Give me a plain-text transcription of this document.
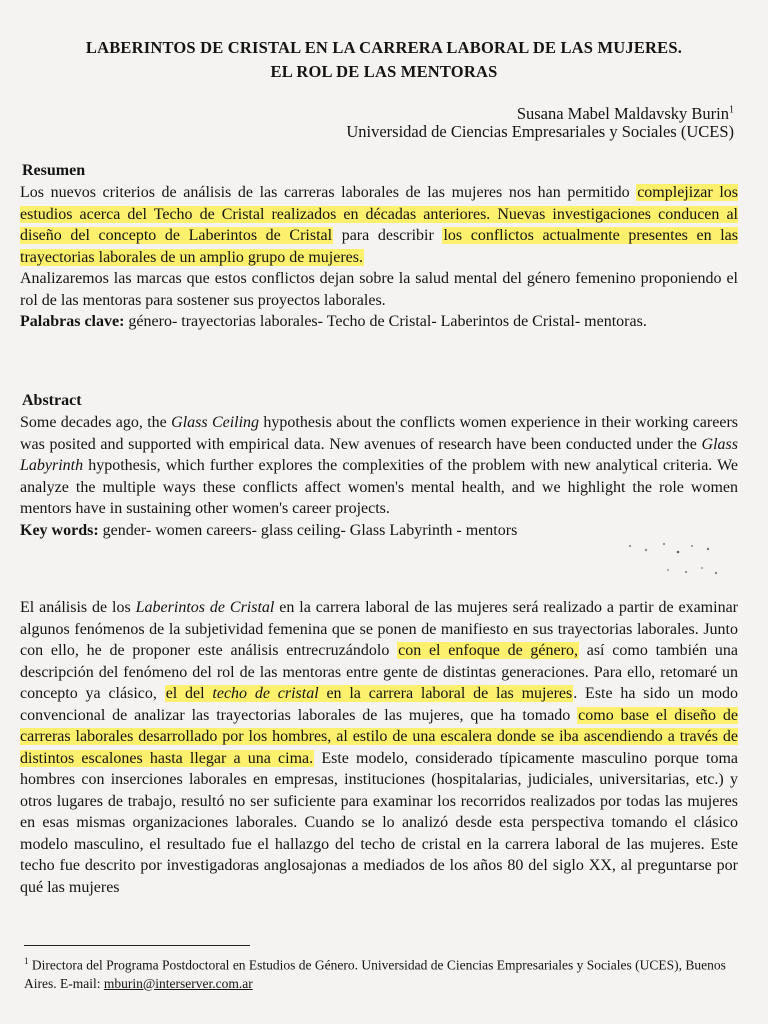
LABERINTOS DE CRISTAL EN LA CARRERA LABORAL DE LAS MUJERES.
EL ROL DE LAS MENTORAS
Susana Mabel Maldavsky Burin$^1$
Universidad de Ciencias Empresariales y Sociales (UCES)
Resumen

Los nuevos criterios de análisis de las carreras laborales de las mujeres nos han permitido complejizar los estudios acerca del Techo de Cristal realizados en décadas anteriores. Nuevas investigaciones conducen al diseño del concepto de Laberintos de Cristal para describir los conflictos actualmente presentes en las trayectorias laborales de un amplio grupo de mujeres.

Analizaremos las marcas que estos conflictos dejan sobre la salud mental del género femenino proponiendo el rol de las mentoras para sostener sus proyectos laborales.

Palabras clave: género- trayectorias laborales- Techo de Cristal- Laberintos de Cristal- mentoras.

Abstract

Some decades ago, the Glass Ceiling hypothesis about the conflicts women experience in their working careers was posited and supported with empirical data. New avenues of research have been conducted under the Glass Labyrinth hypothesis, which further explores the complexities of the problem with new analytical criteria. We analyze the multiple ways these conflicts affect women's mental health, and we highlight the role women mentors have in sustaining other women's career projects.

Key words: gender- women careers- glass ceiling- Glass Labyrinth - mentors

El análisis de los Laberintos de Cristal en la carrera laboral de las mujeres será realizado a partir de examinar algunos fenómenos de la subjetividad femenina que se ponen de manifiesto en sus trayectorias laborales. Junto con ello, he de proponer este análisis entrecruzándolo con el enfoque de género, así como también una descripción del fenómeno del rol de las mentoras entre gente de distintas generaciones. Para ello, retomaré un concepto ya clásico, el del techo de cristal en la carrera laboral de las mujeres. Este ha sido un modo convencional de analizar las trayectorias laborales de las mujeres, que ha tomado como base el diseño de carreras laborales desarrollado por los hombres, al estilo de una escalera donde se iba ascendiendo a través de distintos escalones hasta llegar a una cima. Este modelo, considerado típicamente masculino porque toma hombres con inserciones laborales en empresas, instituciones (hospitalarias, judiciales, universitarias, etc.) y otros lugares de trabajo, resultó no ser suficiente para examinar los recorridos realizados por todas las mujeres en esas mismas organizaciones laborales. Cuando se lo analizó desde esta perspectiva tomando el clásico modelo masculino, el resultado fue el hallazgo del techo de cristal en la carrera laboral de las mujeres. Este techo fue descrito por investigadoras anglosajonas a mediados de los años 80 del siglo XX, al preguntarse por qué las mujeres

$^1$ Directora del Programa Postdoctoral en Estudios de Género. Universidad de Ciencias Empresariales y Sociales (UCES), Buenos Aires. E-mail: mburin@interserver.com.ar
